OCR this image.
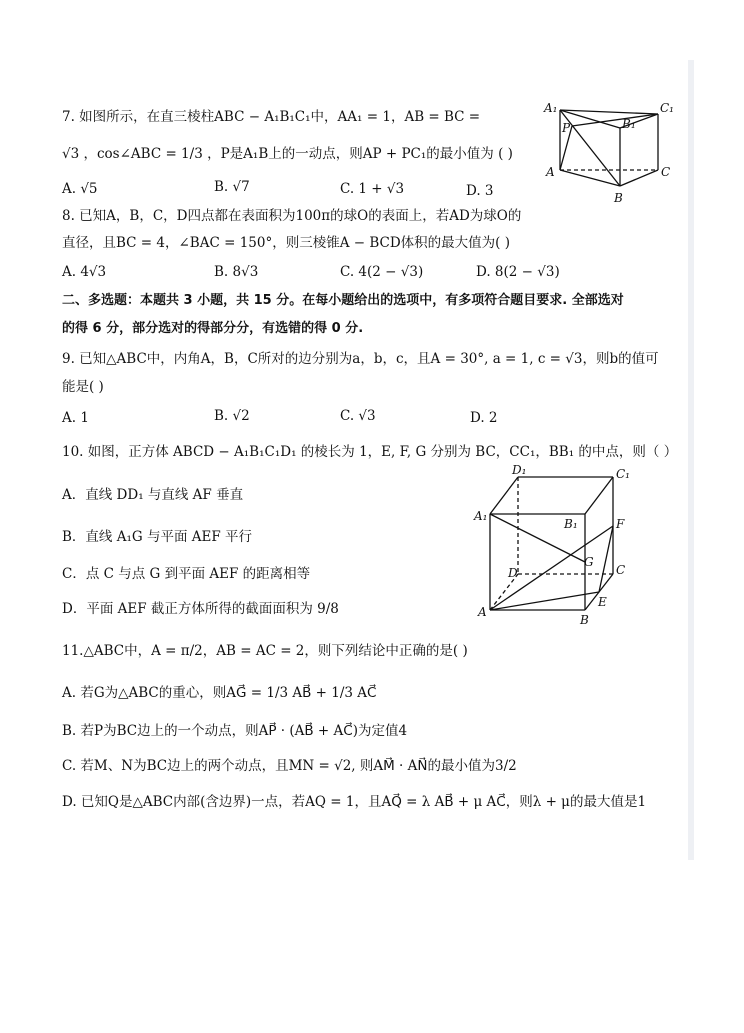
7. 如图所示，在直三棱柱ABC − A₁B₁C₁中，AA₁ = 1，AB = BC =
√3 ，cos∠ABC = 1/3 ，P是A₁B上的一动点，则AP + PC₁的最小值为 ( )
A. √5	B. √7	C. 1 + √3	D. 3
A₁	C₁
B₁
P
A	C
B
8. 已知A，B，C，D四点都在表面积为100π的球O的表面上，若AD为球O的
直径，且BC = 4，∠BAC = 150°，则三棱锥A − BCD体积的最大值为( )
A. 4√3	B. 8√3	C. 4(2 − √3)	D. 8(2 − √3)
二、多选题：本题共 3 小题，共 15 分。在每小题给出的选项中，有多项符合题目要求. 全部选对
的得 6 分，部分选对的得部分分，有选错的得 0 分.
9. 已知△ABC中，内角A，B，C所对的边分别为a，b，c，且A = 30°, a = 1, c = √3，则b的值可
能是( )
A. 1	B. √2	C. √3	D. 2
10. 如图，正方体 ABCD − A₁B₁C₁D₁ 的棱长为 1，E, F, G 分别为 BC，CC₁，BB₁ 的中点，则（ ）
A．直线 DD₁ 与直线 AF 垂直
B．直线 A₁G 与平面 AEF 平行
C．点 C 与点 G 到平面 AEF 的距离相等
D．平面 AEF 截正方体所得的截面面积为 9/8
D₁	C₁
A₁
B₁	F
G
D	C
E
A
B
11.△ABC中，A = π/2，AB = AC = 2，则下列结论中正确的是( )
A. 若G为△ABC的重心，则AG⃗ = 1/3 AB⃗ + 1/3 AC⃗
B. 若P为BC边上的一个动点，则AP⃗ · (AB⃗ + AC⃗)为定值4
C. 若M、N为BC边上的两个动点，且MN = √2, 则AM⃗ · AN⃗的最小值为3/2
D. 已知Q是△ABC内部(含边界)一点，若AQ = 1，且AQ⃗ = λ AB⃗ + μ AC⃗，则λ + μ的最大值是1
